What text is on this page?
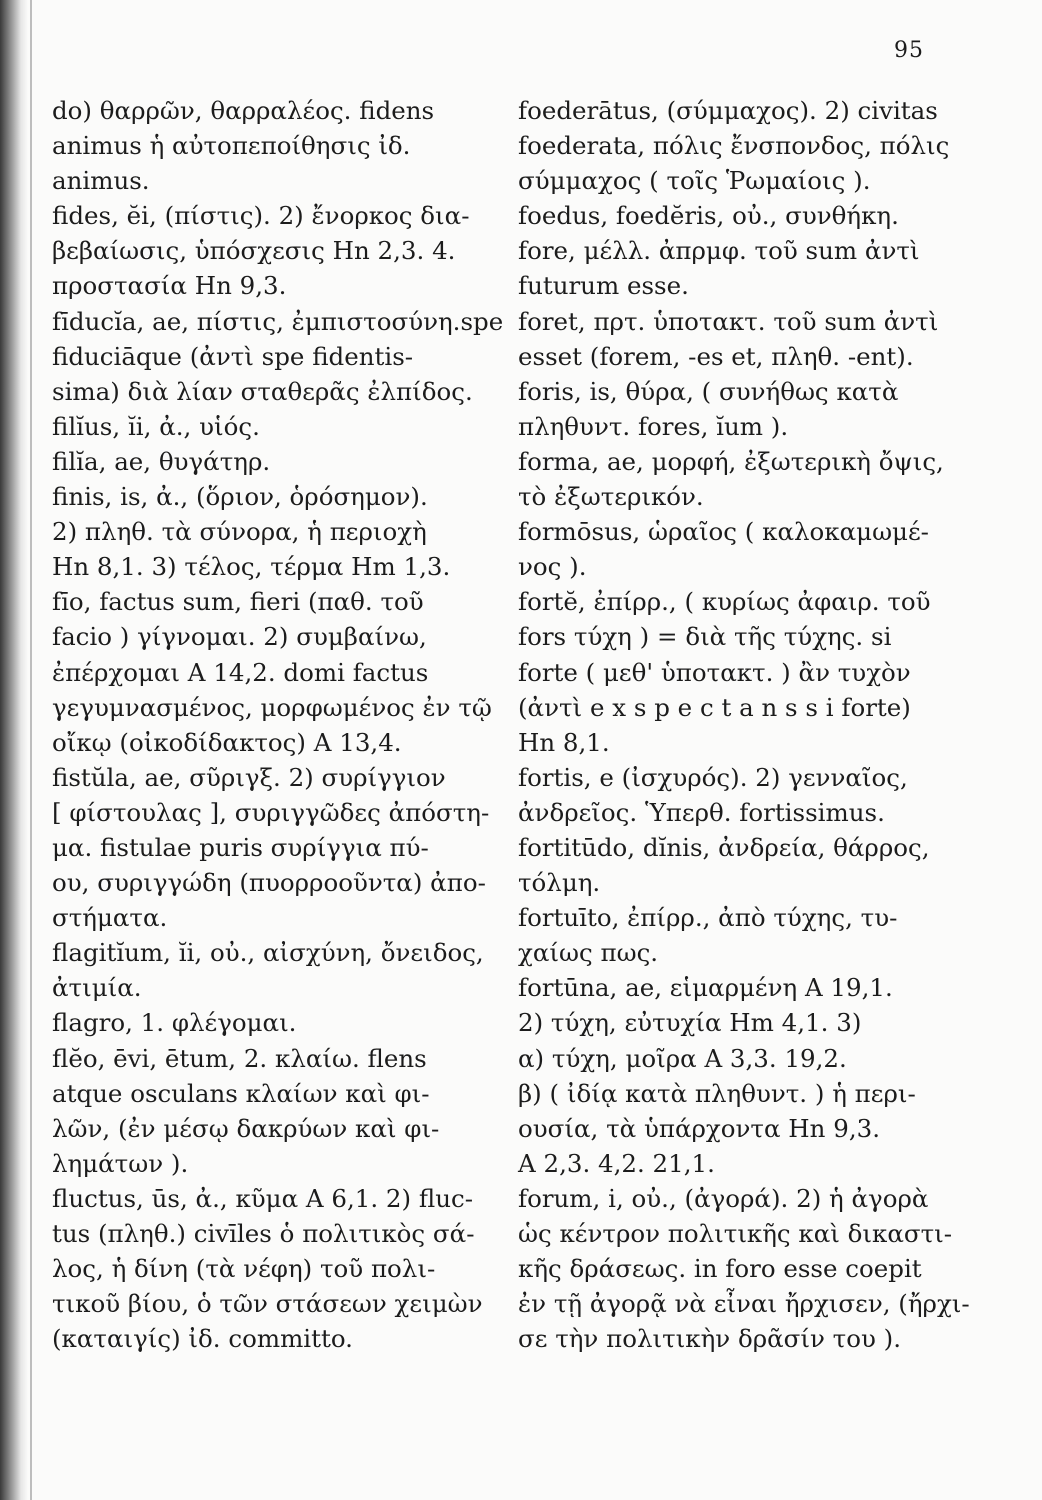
95
do) θαρρῶν, θαρραλέος. fidens
animus ἡ αὐτοπεποίθησις ἰδ.
animus.
fides, ĕi, (πίστις). 2) ἔνορκος δια-
βεβαίωσις, ὑπόσχεσις Hn 2,3. 4.
προστασία Hn 9,3.
fīducĭa, ae, πίστις, ἐμπιστοσύνη.spe
fiduciāque (ἀντὶ spe fidentis-
sima) διὰ λίαν σταθερᾶς ἐλπίδος.
filĭus, ĭi, ἀ., υἱός.
filĭa, ae, θυγάτηρ.
finis, is, ἀ., (ὅριον, ὁρόσημον).
2) πληθ. τὰ σύνορα, ἡ περιοχὴ
Hn 8,1. 3) τέλος, τέρμα Hm 1,3.
fīo, factus sum, fieri (παθ. τοῦ
facio ) γίγνομαι. 2) συμβαίνω,
ἐπέρχομαι A 14,2. domi factus
γεγυμνασμένος, μορφωμένος ἐν τῷ
οἴκῳ (οἰκοδίδακτος) A 13,4.
fistŭla, ae, σῦριγξ. 2) συρίγγιον
[ φίστουλας ], συριγγῶδες ἀπόστη-
μα. fistulae puris συρίγγια πύ-
ου, συριγγώδη (πυορροοῦντα) ἀπο-
στήματα.
flagitĭum, ĭi, οὐ., αἰσχύνη, ὄνειδος,
ἀτιμία.
flagro, 1. φλέγομαι.
flĕo, ēvi, ētum, 2. κλαίω. flens
atque osculans κλαίων καὶ φι-
λῶν, (ἐν μέσῳ δακρύων καὶ φι-
λημάτων ).
fluctus, ūs, ἀ., κῦμα A 6,1. 2) fluc-
tus (πληθ.) civīles ὁ πολιτικὸς σά-
λος, ἡ δίνη (τὰ νέφη) τοῦ πολι-
τικοῦ βίου, ὁ τῶν στάσεων χειμὼν
(καταιγίς) ἰδ. committo.
foederātus, (σύμμαχος). 2) civitas
foederata, πόλις ἔνσπονδος, πόλις
σύμμαχος ( τοῖς Ῥωμαίοις ).
foedus, foedĕris, οὐ., συνθήκη.
fore, μέλλ. ἀπρμφ. τοῦ sum ἀντὶ
futurum esse.
foret, πρτ. ὑποτακτ. τοῦ sum ἀντὶ
esset (forem, -es et, πληθ. -ent).
foris, is, θύρα, ( συνήθως κατὰ
πληθυντ. fores, ĭum ).
forma, ae, μορφή, ἐξωτερικὴ ὄψις,
τὸ ἐξωτερικόν.
formōsus, ὡραῖος ( καλοκαμωμέ-
νος ).
fortĕ, ἐπίρρ., ( κυρίως ἀφαιρ. τοῦ
fors τύχη ) = διὰ τῆς τύχης. si
forte ( μεθ' ὑποτακτ. ) ἂν τυχὸν
(ἀντὶ e x s p e c t a n s s i forte)
Hn 8,1.
fortis, e (ἰσχυρός). 2) γενναῖος,
ἀνδρεῖος. Ὑπερθ. fortissimus.
fortitūdo, dĭnis, ἀνδρεία, θάρρος,
τόλμη.
fortuīto, ἐπίρρ., ἀπὸ τύχης, τυ-
χαίως πως.
fortūna, ae, εἱμαρμένη A 19,1.
2) τύχη, εὐτυχία Hm 4,1. 3)
α) τύχη, μοῖρα A 3,3. 19,2.
β) ( ἰδίᾳ κατὰ πληθυντ. ) ἡ περι-
ουσία, τὰ ὑπάρχοντα Hn 9,3.
A 2,3. 4,2. 21,1.
forum, i, οὐ., (ἀγορά). 2) ἡ ἀγορὰ
ὡς κέντρον πολιτικῆς καὶ δικαστι-
κῆς δράσεως. in foro esse coepit
ἐν τῇ ἀγορᾷ νὰ εἶναι ἤρχισεν, (ἤρχι-
σε τὴν πολιτικὴν δρᾶσίν του ).
